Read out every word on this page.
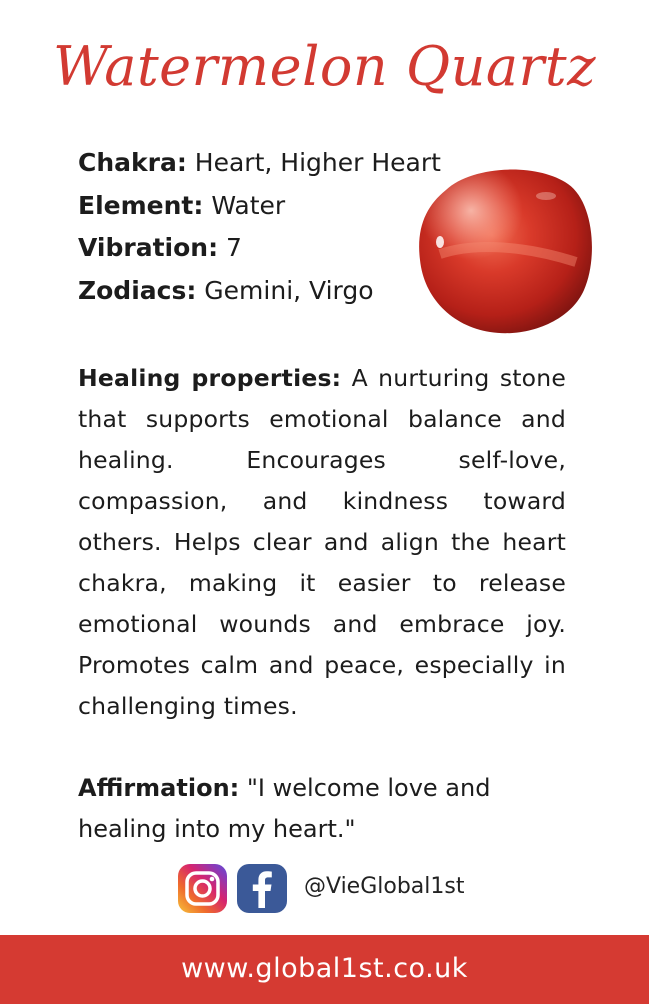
Watermelon Quartz
Chakra: Heart, Higher Heart
Element: Water
Vibration: 7
Zodiacs: Gemini, Virgo
Healing properties: A nurturing stone that supports emotional balance and healing. Encourages self-love, compassion, and kindness toward others. Helps clear and align the heart chakra, making it easier to release emotional wounds and embrace joy. Promotes calm and peace, especially in challenging times.
Affirmation: "I welcome love and healing into my heart."
@VieGlobal1st
www.global1st.co.uk
